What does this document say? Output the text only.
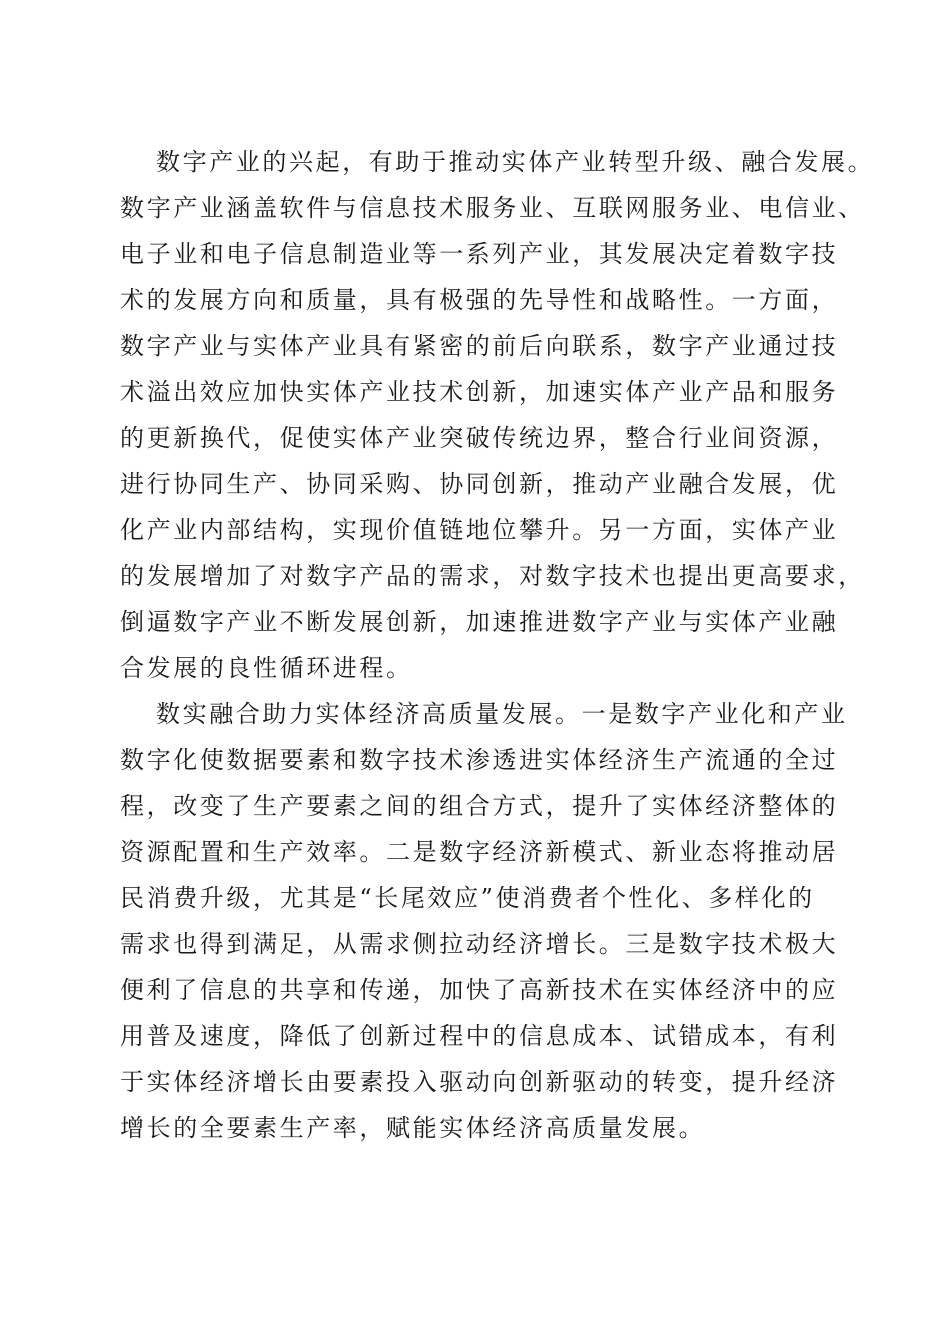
数字产业的兴起，有助于推动实体产业转型升级、融合发展。
数字产业涵盖软件与信息技术服务业、互联网服务业、电信业、
电子业和电子信息制造业等一系列产业，其发展决定着数字技
术的发展方向和质量，具有极强的先导性和战略性。一方面，
数字产业与实体产业具有紧密的前后向联系，数字产业通过技
术溢出效应加快实体产业技术创新，加速实体产业产品和服务
的更新换代，促使实体产业突破传统边界，整合行业间资源，
进行协同生产、协同采购、协同创新，推动产业融合发展，优
化产业内部结构，实现价值链地位攀升。另一方面，实体产业
的发展增加了对数字产品的需求，对数字技术也提出更高要求，
倒逼数字产业不断发展创新，加速推进数字产业与实体产业融
合发展的良性循环进程。
数实融合助力实体经济高质量发展。一是数字产业化和产业
数字化使数据要素和数字技术渗透进实体经济生产流通的全过
程，改变了生产要素之间的组合方式，提升了实体经济整体的
资源配置和生产效率。二是数字经济新模式、新业态将推动居
民消费升级，尤其是“长尾效应”使消费者个性化、多样化的
需求也得到满足，从需求侧拉动经济增长。三是数字技术极大
便利了信息的共享和传递，加快了高新技术在实体经济中的应
用普及速度，降低了创新过程中的信息成本、试错成本，有利
于实体经济增长由要素投入驱动向创新驱动的转变，提升经济
增长的全要素生产率，赋能实体经济高质量发展。
